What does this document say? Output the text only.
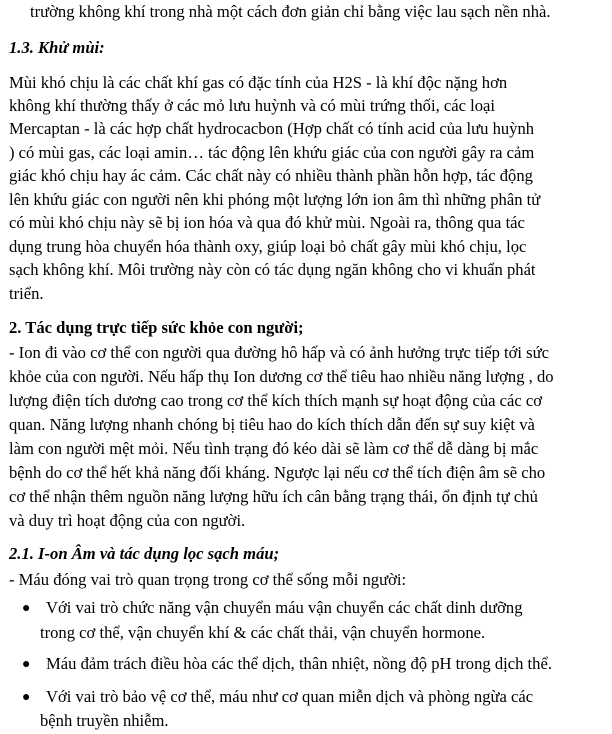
trường không khí trong nhà một cách đơn giản chỉ bằng việc lau sạch nền nhà.
1.3. Khử mùi:
Mùi khó chịu là các chất khí gas có đặc tính của H2S - là khí độc nặng hơn
không khí thường thấy ở các mỏ lưu huỳnh và có mùi trứng thối, các loại
Mercaptan - là các hợp chất hydrocacbon (Hợp chất có tính acid của lưu huỳnh
) có mùi gas, các loại amin… tác động lên khứu giác của con người gây ra cảm
giác khó chịu hay ác cảm. Các chất này có nhiều thành phần hỗn hợp, tác động
lên khứu giác con người nên khi phóng một lượng lớn ion âm thì những phân tử
có mùi khó chịu này sẽ bị ion hóa và qua đó khử mùi. Ngoài ra, thông qua tác
dụng trung hòa chuyển hóa thành oxy, giúp loại bỏ chất gây mùi khó chịu, lọc
sạch không khí. Môi trường này còn có tác dụng ngăn không cho vi khuẩn phát
triển.
2. Tác dụng trực tiếp sức khỏe con người;
- Ion đi vào cơ thể con người qua đường hô hấp và có ảnh hưởng trực tiếp tới sức
khỏe của con người. Nếu hấp thụ Ion dương cơ thể tiêu hao nhiều năng lượng , do
lượng điện tích dương cao trong cơ thể kích thích mạnh sự hoạt động của các cơ
quan. Năng lượng nhanh chóng bị tiêu hao do kích thích dẫn đến sự suy kiệt và
làm con người mệt mỏi. Nếu tình trạng đó kéo dài sẽ làm cơ thể dễ dàng bị mắc
bệnh do cơ thể hết khả năng đối kháng. Ngược lại nếu cơ thể tích điện âm sẽ cho
cơ thể nhận thêm nguồn năng lượng hữu ích cân bằng trạng thái, ổn định tự chủ
và duy trì hoạt động của con người.
2.1. I-on Âm và tác dụng lọc sạch máu;
- Máu đóng vai trò quan trọng trong cơ thể sống mỗi người:
● Với vai trò chức năng vận chuyển máu vận chuyển các chất dinh dưỡng
trong cơ thể, vận chuyển khí & các chất thải, vận chuyển hormone.
● Máu đảm trách điều hòa các thể dịch, thân nhiệt, nồng độ pH trong dịch thể.
● Với vai trò bảo vệ cơ thể, máu như cơ quan miễn dịch và phòng ngừa các
bệnh truyền nhiễm.
